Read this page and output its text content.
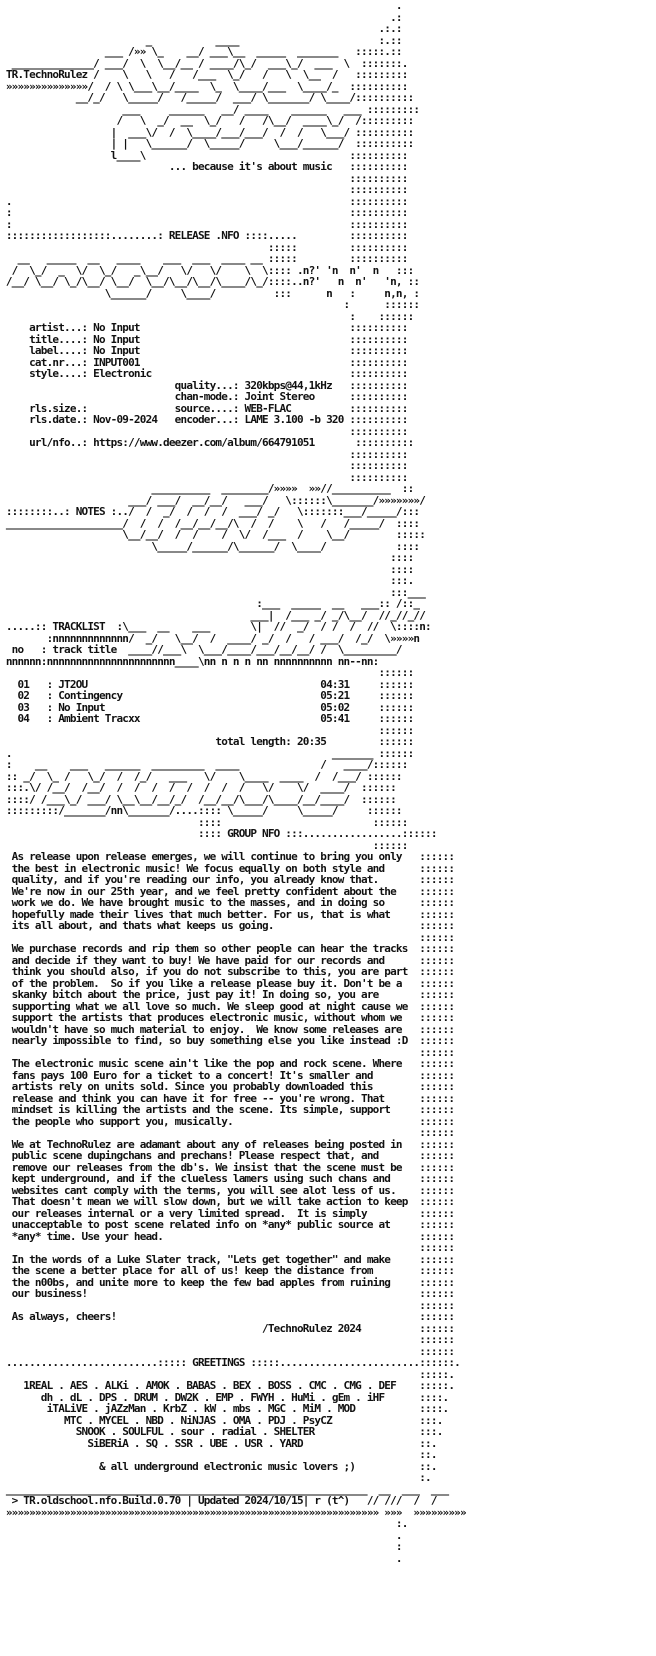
.
.:
.:.:
_           ____                        :.::
___ /»» \_    __/ ___\__  _____  _______   :::::.::
______________/ ___/  \  \__/__ / ____/\_/  ___\_/  ___  \  :::::::.
TR.TechnoRulez /    \   \   /   /___  \_/   /   \  \__  /   :::::::::
»»»»»»»»»»»»»»/  / \ \___\__/____  \_  \____/___  \____/_  ::::::::::
__/_/   \_____/   /_____/  ___/ \_______/ \____/::::::::::
___     ______   __/ ____    ______   ___ :::::::::
/   \  _/  __  \_/   /   /\__/  ____\_/  /:::::::::
|  ___\/  /  \____/___/___/  /  /   \___/ ::::::::::
| |   \______/  \_____/     \___/______/  ::::::::::
l____\                                   ::::::::::
... because it's about music   ::::::::::
::::::::::
::::::::::
.                                                          ::::::::::
:                                                          ::::::::::
:                                                          ::::::::::
::::::::::::::::::........: RELEASE .NFO ::::.....         ::::::::::
:::::         ::::::::::
__   _____  __   ____    ___  ___  ____ __ :::::         ::::::::::
/  \_/  _  \/  \_/   _\__/   \/   \/    \  \:::: .n?' 'n  n'  n   :::
/__/ \__/ \_/\__/ \__/  \__/\__/\__/\____/\_/::::..n?'   n  n'   'n, ::
\______/     \____/          :::      n   :     n,n, :
:      ::::::
:    ::::::
artist...: No Input                                    ::::::::::
title....: No Input                                    ::::::::::
label....: No Input                                    ::::::::::
cat.nr...: INPUT001                                    ::::::::::
style....: Electronic                                  ::::::::::
quality...: 320kbps@44,1kHz   ::::::::::
chan-mode.: Joint Stereo      ::::::::::
rls.size.:               source....: WEB-FLAC          ::::::::::
rls.date.: Nov-09-2024   encoder...: LAME 3.100 -b 320 ::::::::::
::::::::::
url/nfo..: https://www.deezer.com/album/664791051       ::::::::::
::::::::::
::::::::::
::::::::::
__________  ________/»»»»  »»//__________  ::
___/ ___/  __/__/   ___/   \::::::\_______/»»»»»»»/
::::::::..: NOTES :../  /  _/  /  /  /  ___/ _/   \:::::::___/_____/:::
____________________/  /  /  /__/__/__/\  /  /    \   /   /_____/  ::::
\__/__/  /  /    /  \/  /___  /    \__/        :::::
\_____/______/\______/  \____/            ::::
::::
::::
:::.
:::___
:___  _____  __   ___:: /::_
___|  /___ _/ _/\__/  //_//_//
.....:: TRACKLIST  :\___  __    ___       \|  //  _/  / /  /  //  \::::n:
:nnnnnnnnnnnnn/  _/   \__/  /  ____/ _/  /   / ___/  /_/  \»»»»n
no   : track title  ____//___\  \___/____/___/__/__/ /  \_________/
nnnnnn:nnnnnnnnnnnnnnnnnnnnnn____\nn n n n nn nnnnnnnnnn nn--nn:
::::::
01   : JT2OU                                        04:31     ::::::
02   : Contingency                                  05:21     ::::::
03   : No Input                                     05:02     ::::::
04   : Ambient Tracxx                               05:41     ::::::
::::::
total length: 20:35         ::::::
.                                                       _______ ::::::
:    __    ___   ______  _________  ____              /   ____/::::::
:: _/  \_ /   \_/  /  /_/   ___   \/    \____  ____  /  /___/ ::::::
:::.\/ /__/  /__/  /  /  /  /  /  /  /  /   \/    \/  ____/  ::::::
::::/ /___\_/ ___/ \__\__/__/_/  /__/__/\___/\____/__/____/  ::::::
:::::::::/_______/nn\_______/....:::: \_____/     \_____/     ::::::
::::                          ::::::
:::: GROUP NFO :::.................::::::
::::::
As release upon release emerges, we will continue to bring you only   ::::::
the best in electronic music! We focus equally on both style and      ::::::
quality, and if you're reading our info, you already know that.       ::::::
We're now in our 25th year, and we feel pretty confident about the    ::::::
work we do. We have brought music to the masses, and in doing so      ::::::
hopefully made their lives that much better. For us, that is what     ::::::
its all about, and thats what keeps us going.                         ::::::
::::::
We purchase records and rip them so other people can hear the tracks  ::::::
and decide if they want to buy! We have paid for our records and      ::::::
think you should also, if you do not subscribe to this, you are part  ::::::
of the problem.  So if you like a release please buy it. Don't be a   ::::::
skanky bitch about the price, just pay it! In doing so, you are       ::::::
supporting what we all love so much. We sleep good at night cause we  ::::::
support the artists that produces electronic music, without whom we   ::::::
wouldn't have so much material to enjoy.  We know some releases are   ::::::
nearly impossible to find, so buy something else you like instead :D  ::::::
::::::
The electronic music scene ain't like the pop and rock scene. Where   ::::::
fans pays 100 Euro for a ticket to a concert! It's smaller and        ::::::
artists rely on units sold. Since you probably downloaded this        ::::::
release and think you can have it for free -- you're wrong. That      ::::::
mindset is killing the artists and the scene. Its simple, support     ::::::
the people who support you, musically.                                ::::::
::::::
We at TechnoRulez are adamant about any of releases being posted in   ::::::
public scene dupingchans and prechans! Please respect that, and       ::::::
remove our releases from the db's. We insist that the scene must be   ::::::
kept underground, and if the clueless lamers using such chans and     ::::::
websites cant comply with the terms, you will see alot less of us.    ::::::
That doesn't mean we will slow down, but we will take action to keep  ::::::
our releases internal or a very limited spread.  It is simply         ::::::
unacceptable to post scene related info on *any* public source at     ::::::
*any* time. Use your head.                                            ::::::
::::::
In the words of a Luke Slater track, "Lets get together" and make     ::::::
the scene a better place for all of us! keep the distance from        ::::::
the n00bs, and unite more to keep the few bad apples from ruining     ::::::
our business!                                                         ::::::
::::::
As always, cheers!                                                    ::::::
/TechnoRulez 2024          ::::::
::::::
::::::
..........................::::: GREETINGS :::::........................::::::.
:::::.
1REAL . AES . ALKi . AMOK . BABAS . BEX . BOSS . CMC . CMG . DEF    :::::.
dh . dL . DPS . DRUM . DW2K . EMP . FWYH . HuMi . gEm . iHF      ::::.
iTALiVE . jAZzMan . KrbZ . kW . mbs . MGC . MiM . MOD           ::::.
MTC . MYCEL . NBD . NiNJAS . OMA . PDJ . PsyCZ               :::.
SNOOK . SOULFUL . sour . radial . SHELTER                  :::.
SiBERiA . SQ . SSR . UBE . USR . YARD                    ::.
::.
& all underground electronic music lovers ;)           ::.
:.
______________________________________________________________  __  ___  ___
> TR.oldschool.nfo.Build.0.70 | Updated 2024/10/15| r (t^)   // ///  /  /
»»»»»»»»»»»»»»»»»»»»»»»»»»»»»»»»»»»»»»»»»»»»»»»»»»»»»»»»»»»»»»»» »»»  »»»»»»»»»
:.
.
:
.
